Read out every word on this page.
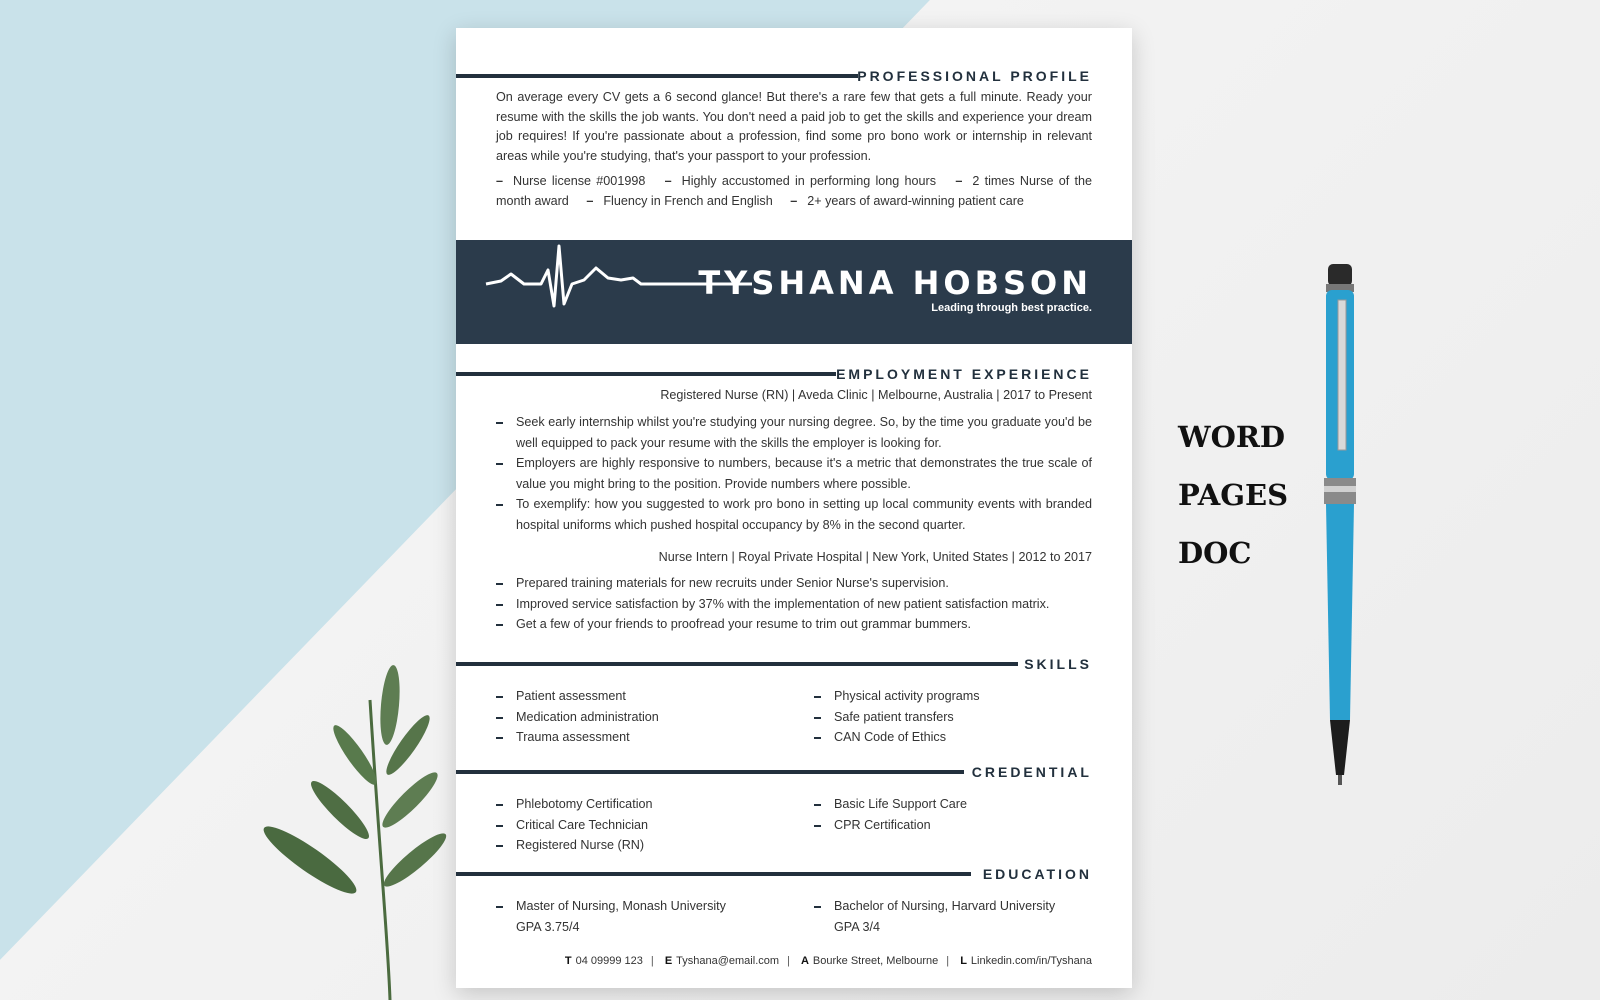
PROFESSIONAL PROFILE
On average every CV gets a 6 second glance! But there's a rare few that gets a full minute. Ready your resume with the skills the job wants. You don't need a paid job to get the skills and experience your dream job requires! If you're passionate about a profession, find some pro bono work or internship in relevant areas while you're studying, that's your passport to your profession.
– Nurse license #001998 – Highly accustomed in performing long hours – 2 times Nurse of the month award – Fluency in French and English – 2+ years of award-winning patient care
TYSHANA HOBSON
Leading through best practice.
EMPLOYMENT EXPERIENCE
Registered Nurse (RN) | Aveda Clinic | Melbourne, Australia | 2017 to Present
Seek early internship whilst you're studying your nursing degree. So, by the time you graduate you'd be well equipped to pack your resume with the skills the employer is looking for.
Employers are highly responsive to numbers, because it's a metric that demonstrates the true scale of value you might bring to the position. Provide numbers where possible.
To exemplify: how you suggested to work pro bono in setting up local community events with branded hospital uniforms which pushed hospital occupancy by 8% in the second quarter.
Nurse Intern | Royal Private Hospital | New York, United States | 2012 to 2017
Prepared training materials for new recruits under Senior Nurse's supervision.
Improved service satisfaction by 37% with the implementation of new patient satisfaction matrix.
Get a few of your friends to proofread your resume to trim out grammar bummers.
SKILLS
Patient assessment
Medication administration
Trauma assessment
Physical activity programs
Safe patient transfers
CAN Code of Ethics
CREDENTIAL
Phlebotomy Certification
Critical Care Technician
Registered Nurse (RN)
Basic Life Support Care
CPR Certification
EDUCATION
Master of Nursing, Monash University
GPA 3.75/4
Bachelor of Nursing, Harvard University
GPA 3/4
T 04 09999 123 | E Tyshana@email.com | A Bourke Street, Melbourne | L Linkedin.com/in/Tyshana
WORD
PAGES
DOC
